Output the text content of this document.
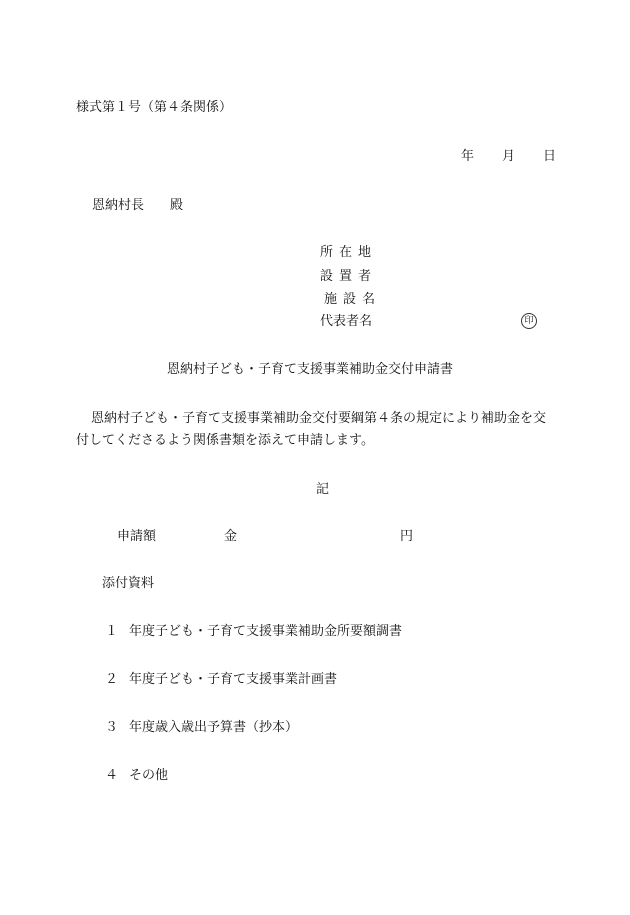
様式第１号（第４条関係）
年 月 日
恩納村長 殿
所在地
設置者
施設名
代表者名	印
恩納村子ども・子育て支援事業補助金交付申請書
恩納村子ども・子育て支援事業補助金交付要綱第４条の規定により補助金を交付してくださるよう関係書類を添えて申請します。
記
申請額	金	円
添付資料
１ 年度子ども・子育て支援事業補助金所要額調書
２ 年度子ども・子育て支援事業計画書
３ 年度歳入歳出予算書（抄本）
４ その他
